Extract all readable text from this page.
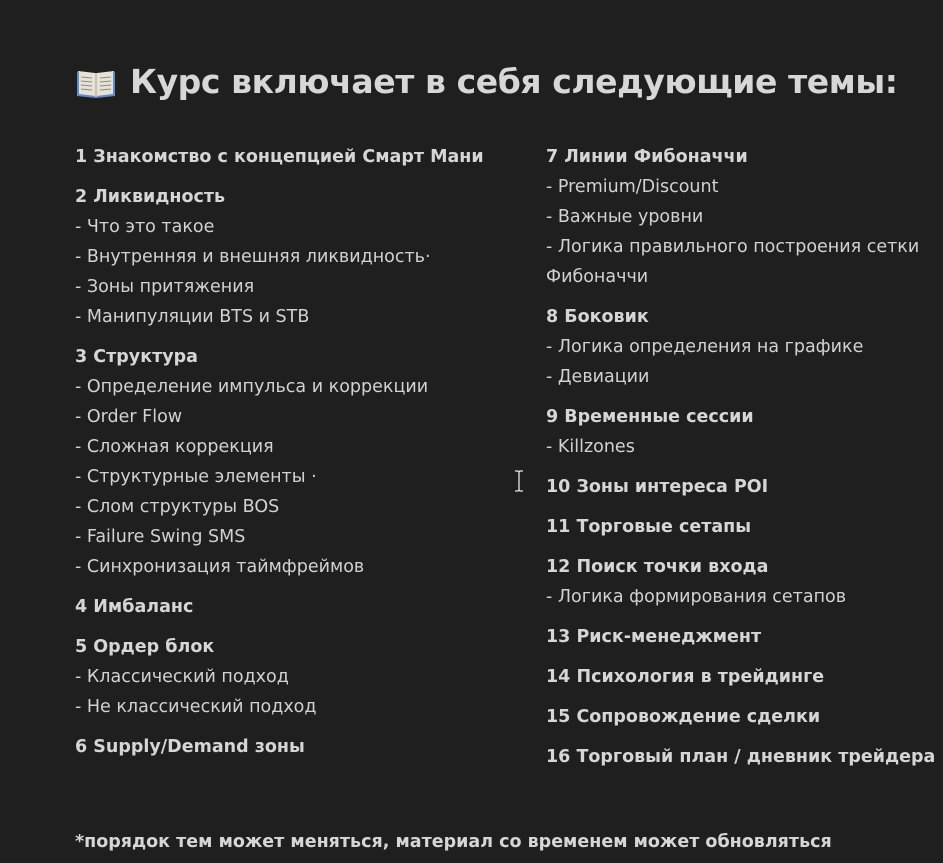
Курс включает в себя следующие темы:
1 Знакомство с концепцией Смарт Мани
2 Ликвидность
- Что это такое
- Внутренняя и внешняя ликвидность·
- Зоны притяжения
- Манипуляции BTS и STB
3 Структура
- Определение импульса и коррекции
- Order Flow
- Сложная коррекция
- Структурные элементы ·
- Слом структуры BOS
- Failure Swing SMS
- Синхронизация таймфреймов
4 Имбаланс
5 Ордер блок
- Классический подход
- Не классический подход
6 Supply/Demand зоны
7 Линии Фибоначчи
- Premium/Discount
- Важные уровни
- Логика правильного построения сетки Фибоначчи
8 Боковик
- Логика определения на графике
- Девиации
9 Временные сессии
- Killzones
10 Зоны интереса POI
11 Торговые сетапы
12 Поиск точки входа
- Логика формирования сетапов
13 Риск-менеджмент
14 Психология в трейдинге
15 Сопровождение сделки
16 Торговый план / дневник трейдера
*порядок тем может меняться, материал со временем может обновляться
